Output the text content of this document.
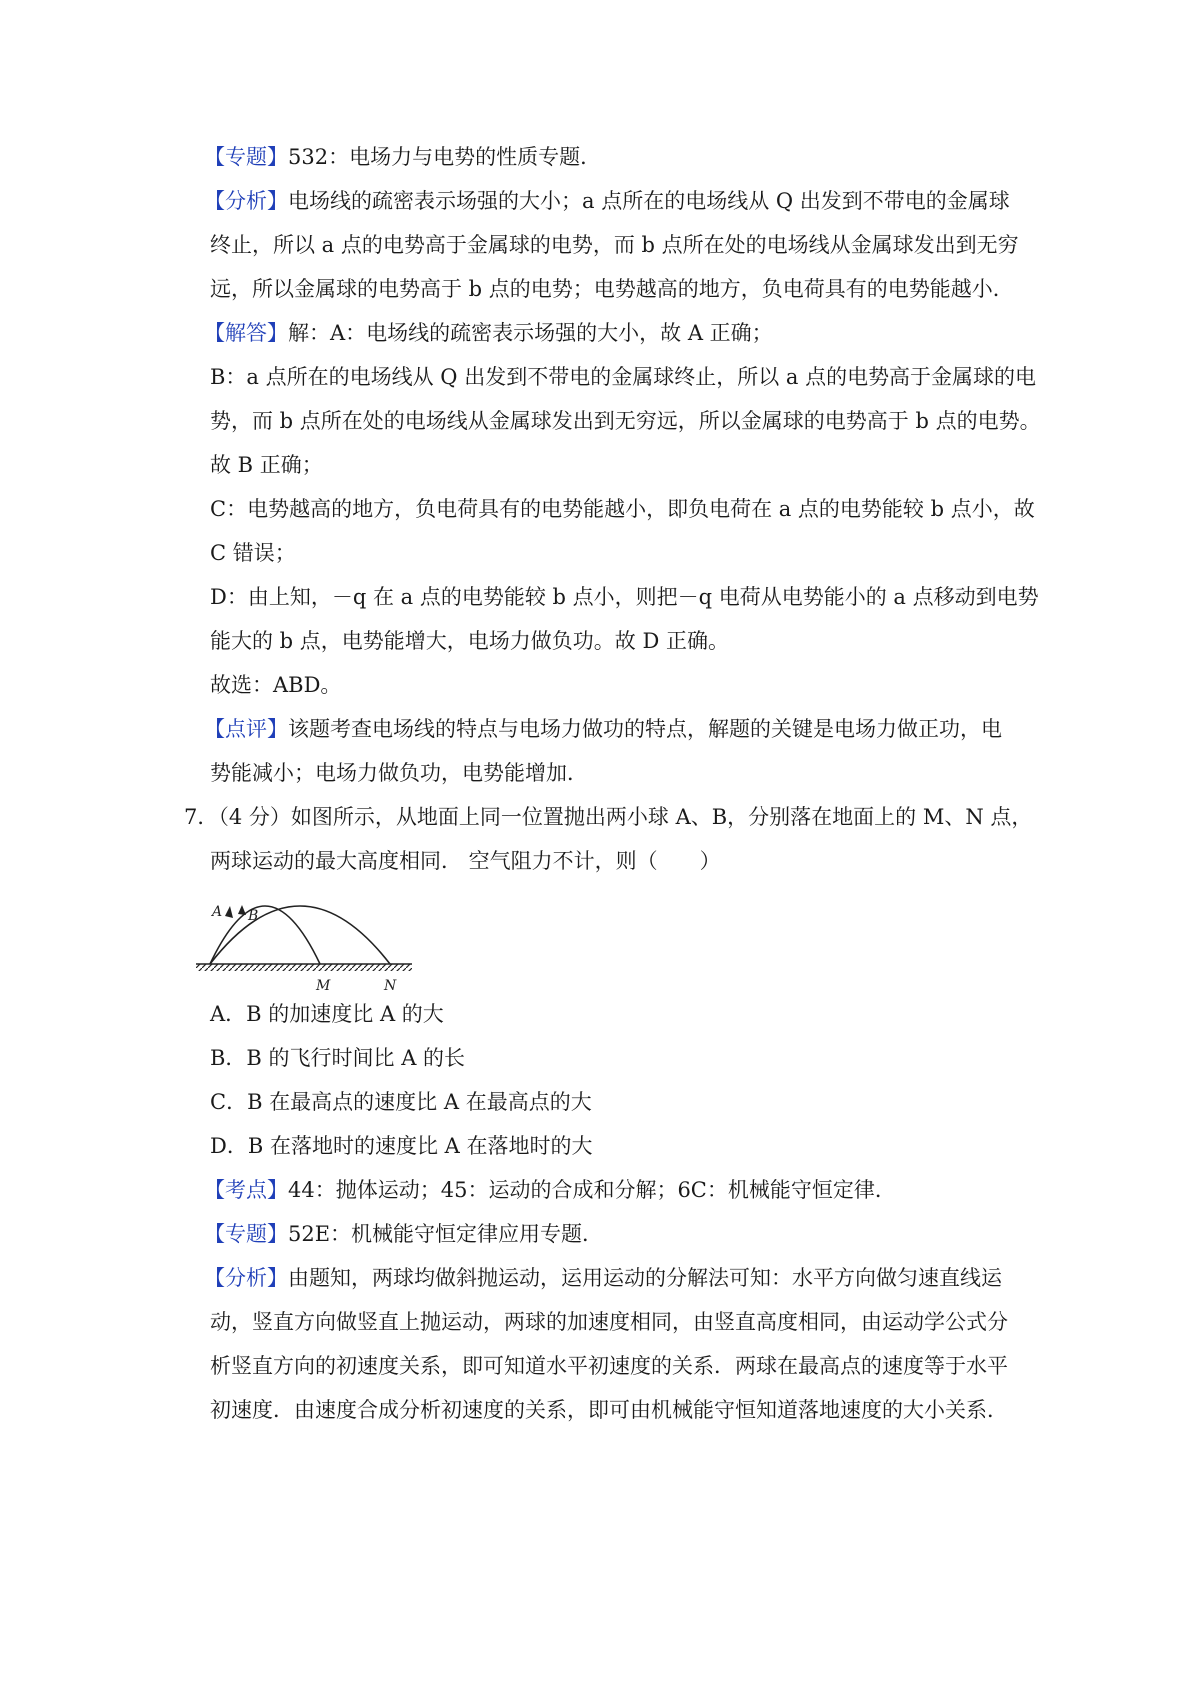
【专题】532：电场力与电势的性质专题．
【分析】电场线的疏密表示场强的大小；a 点所在的电场线从 Q 出发到不带电的金属球
终止，所以 a 点的电势高于金属球的电势，而 b 点所在处的电场线从金属球发出到无穷
远，所以金属球的电势高于 b 点的电势；电势越高的地方，负电荷具有的电势能越小．
【解答】解：A：电场线的疏密表示场强的大小，故 A 正确；
B：a 点所在的电场线从 Q 出发到不带电的金属球终止，所以 a 点的电势高于金属球的电
势，而 b 点所在处的电场线从金属球发出到无穷远，所以金属球的电势高于 b 点的电势。
故 B 正确；
C：电势越高的地方，负电荷具有的电势能越小，即负电荷在 a 点的电势能较 b 点小，故
C 错误；
D：由上知，－q 在 a 点的电势能较 b 点小，则把－q 电荷从电势能小的 a 点移动到电势
能大的 b 点，电势能增大，电场力做负功。故 D 正确。
故选：ABD。
【点评】该题考查电场线的特点与电场力做功的特点，解题的关键是电场力做正功，电
势能减小；电场力做负功，电势能增加．
7．（4 分）如图所示，从地面上同一位置抛出两小球 A、B，分别落在地面上的 M、N 点，
两球运动的最大高度相同． 空气阻力不计，则（　　）
A B
M	N
A．B 的加速度比 A 的大
B．B 的飞行时间比 A 的长
C．B 在最高点的速度比 A 在最高点的大
D．B 在落地时的速度比 A 在落地时的大
【考点】44：抛体运动；45：运动的合成和分解；6C：机械能守恒定律．
【专题】52E：机械能守恒定律应用专题．
【分析】由题知，两球均做斜抛运动，运用运动的分解法可知：水平方向做匀速直线运
动，竖直方向做竖直上抛运动，两球的加速度相同，由竖直高度相同，由运动学公式分
析竖直方向的初速度关系，即可知道水平初速度的关系．两球在最高点的速度等于水平
初速度．由速度合成分析初速度的关系，即可由机械能守恒知道落地速度的大小关系．
